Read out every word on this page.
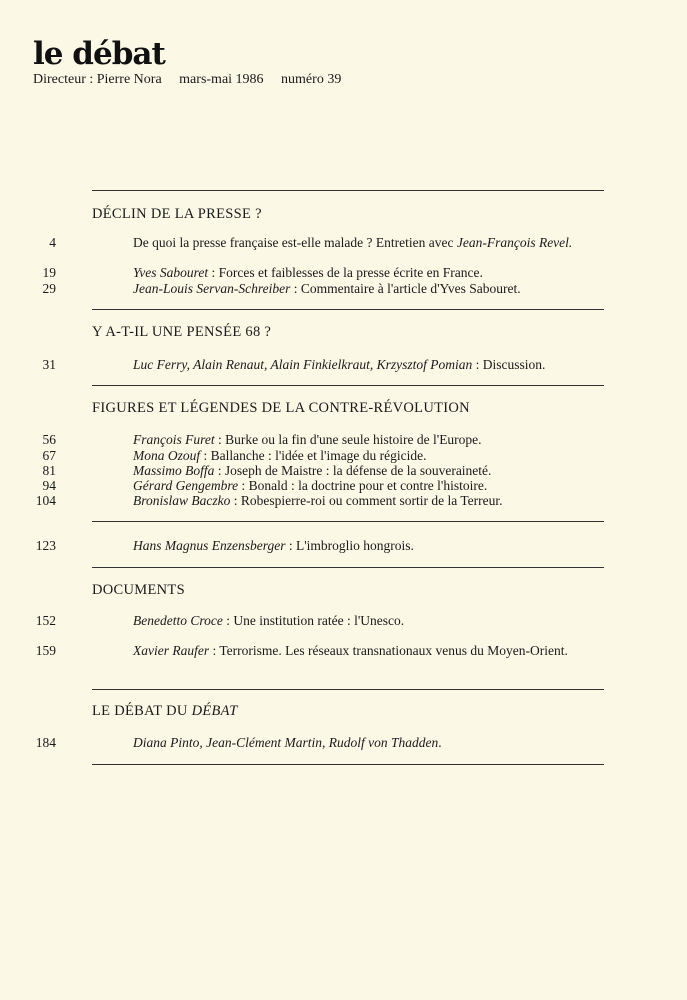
le débat
Directeur : Pierre Nora mars-mai 1986 numéro 39
DÉCLIN DE LA PRESSE ?
4	De quoi la presse française est-elle malade ? Entretien avec Jean-François Revel.
19	Yves Sabouret : Forces et faiblesses de la presse écrite en France.
29	Jean-Louis Servan-Schreiber : Commentaire à l'article d'Yves Sabouret.
Y A-T-IL UNE PENSÉE 68 ?
31	Luc Ferry, Alain Renaut, Alain Finkielkraut, Krzysztof Pomian : Discussion.
FIGURES ET LÉGENDES DE LA CONTRE-RÉVOLUTION
56	François Furet : Burke ou la fin d'une seule histoire de l'Europe.
67	Mona Ozouf : Ballanche : l'idée et l'image du régicide.
81	Massimo Boffa : Joseph de Maistre : la défense de la souveraineté.
94	Gérard Gengembre : Bonald : la doctrine pour et contre l'histoire.
104	Bronislaw Baczko : Robespierre-roi ou comment sortir de la Terreur.
123	Hans Magnus Enzensberger : L'imbroglio hongrois.
DOCUMENTS
152	Benedetto Croce : Une institution ratée : l'Unesco.
159	Xavier Raufer : Terrorisme. Les réseaux transnationaux venus du Moyen-Orient.
LE DÉBAT DU DÉBAT
184	Diana Pinto, Jean-Clément Martin, Rudolf von Thadden.
